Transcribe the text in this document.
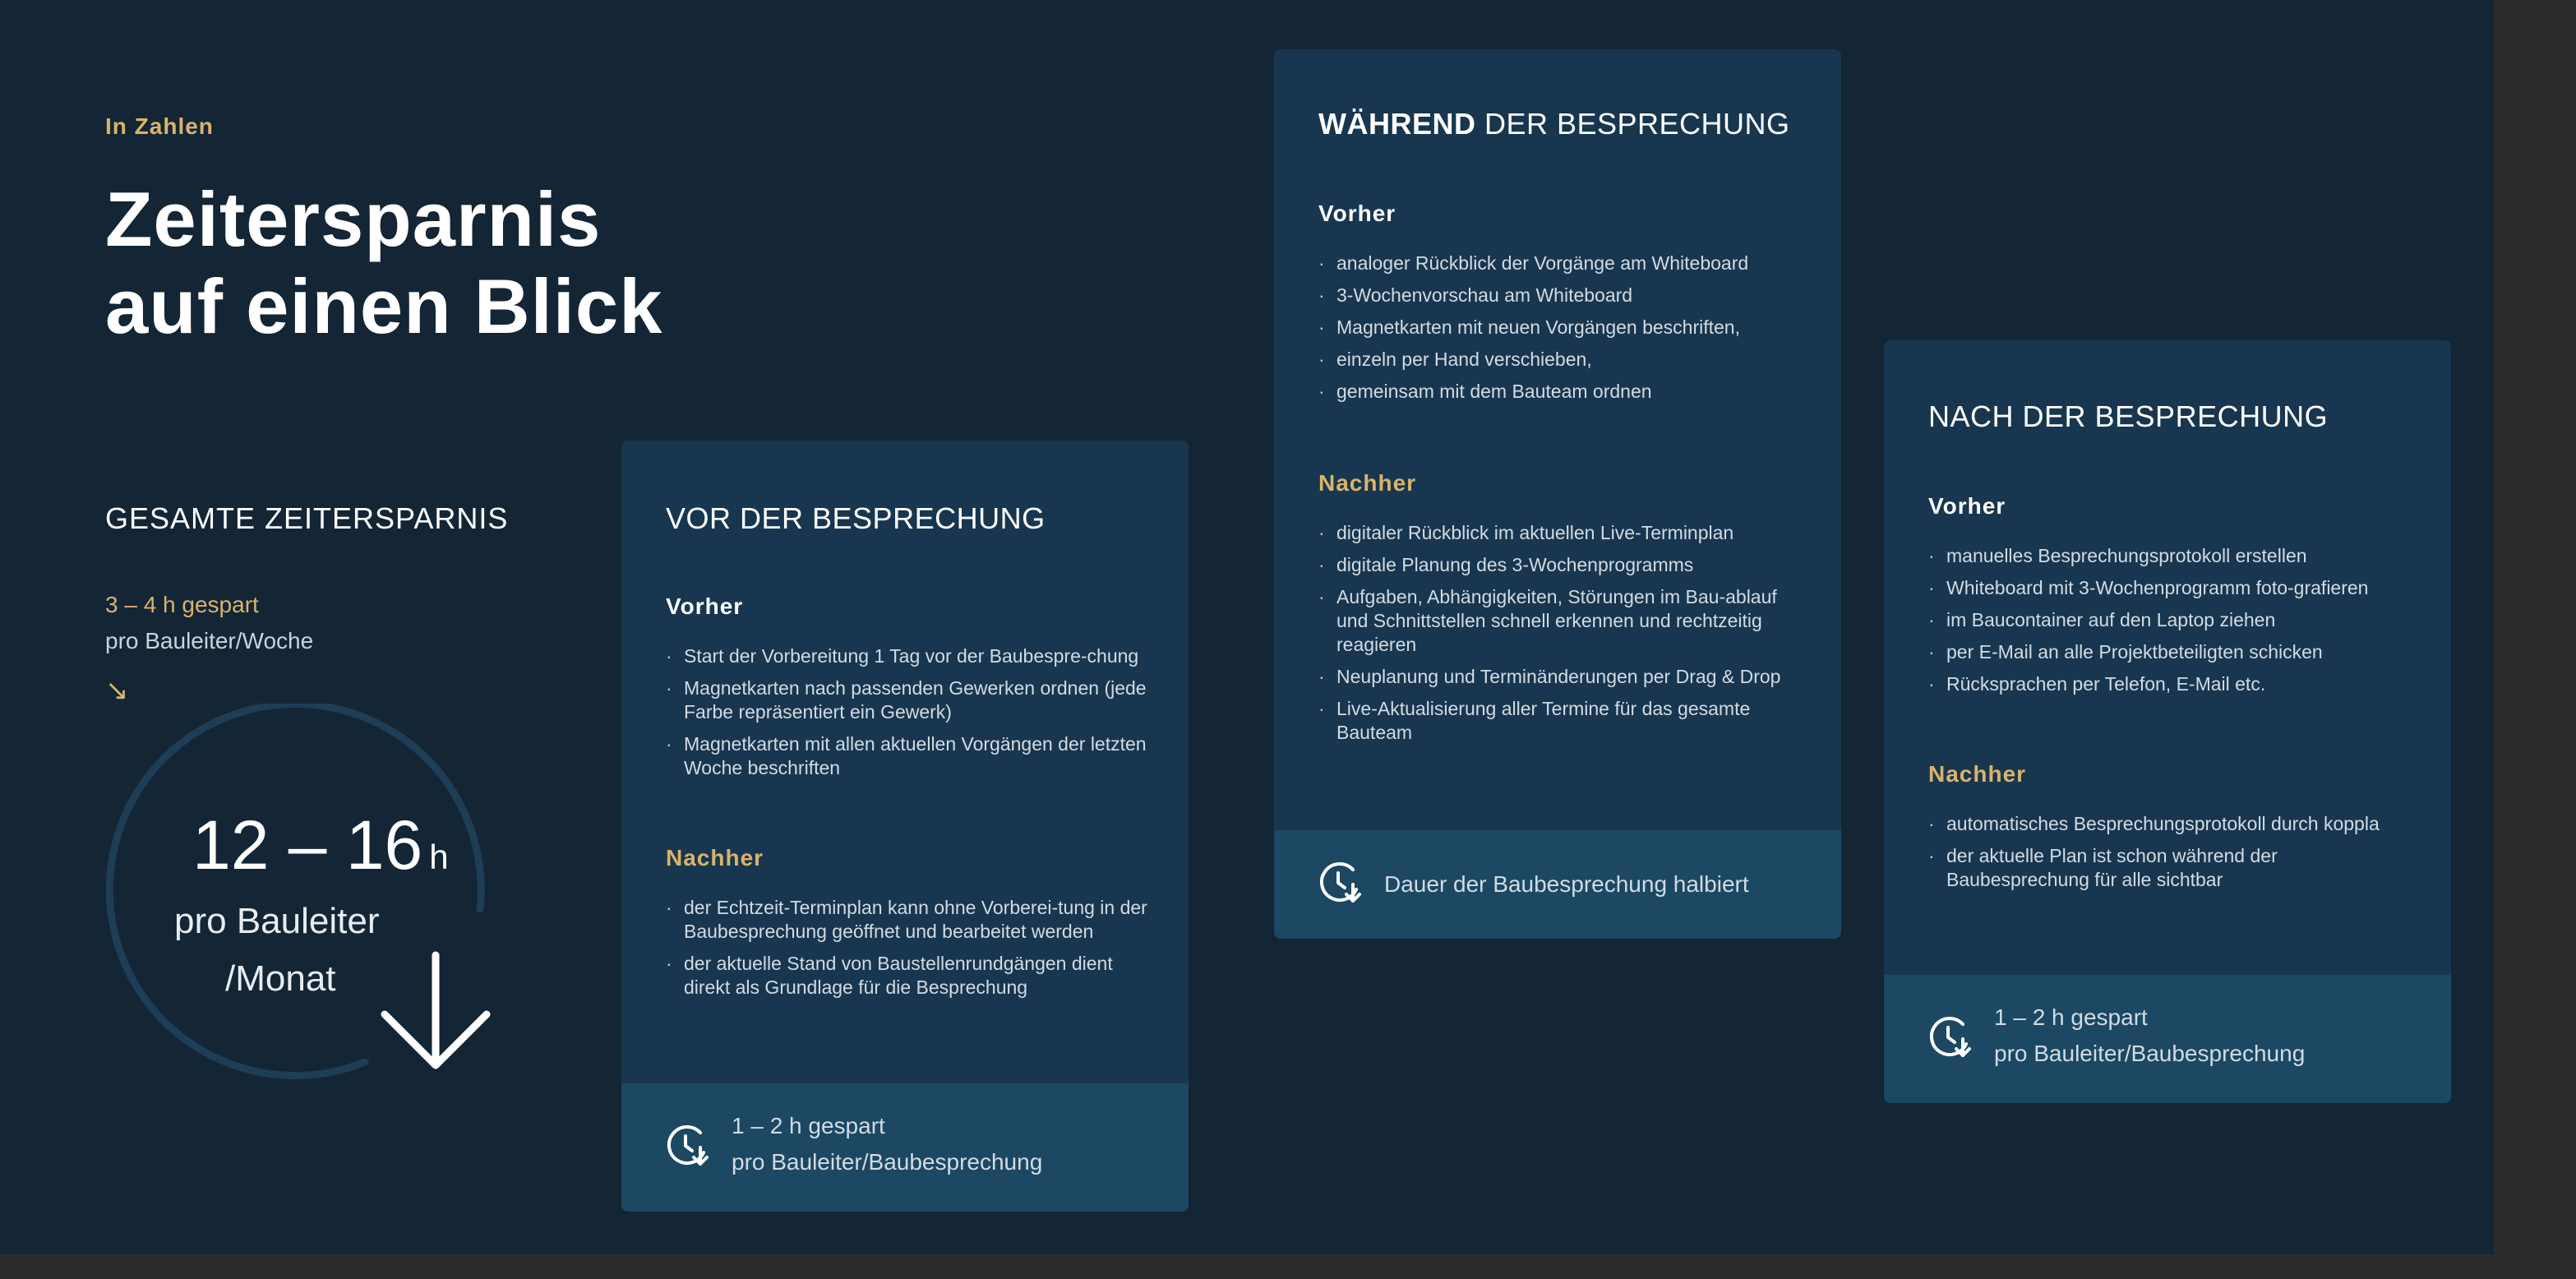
In Zahlen
Zeitersparnis
auf einen Blick
GESAMTE ZEITERSPARNIS
3 – 4 h gespart
pro Bauleiter/Woche
↘
12 – 16 h
pro Bauleiter
/Monat
VOR DER BESPRECHUNG
Vorher
· Start der Vorbereitung 1 Tag vor der Baubespre-chung
· Magnetkarten nach passenden Gewerken ordnen (jede Farbe repräsentiert ein Gewerk)
· Magnetkarten mit allen aktuellen Vorgängen der letzten Woche beschriften
Nachher
· der Echtzeit-Terminplan kann ohne Vorberei-tung in der Baubesprechung geöffnet und bearbeitet werden
· der aktuelle Stand von Baustellenrundgängen dient direkt als Grundlage für die Besprechung
1 – 2 h gespart
pro Bauleiter/Baubesprechung
WÄHREND DER BESPRECHUNG
Vorher
· analoger Rückblick der Vorgänge am Whiteboard
· 3-Wochenvorschau am Whiteboard
· Magnetkarten mit neuen Vorgängen beschriften,
· einzeln per Hand verschieben,
· gemeinsam mit dem Bauteam ordnen
Nachher
· digitaler Rückblick im aktuellen Live-Terminplan
· digitale Planung des 3-Wochenprogramms
· Aufgaben, Abhängigkeiten, Störungen im Bau-ablauf und Schnittstellen schnell erkennen und rechtzeitig reagieren
· Neuplanung und Terminänderungen per Drag & Drop
· Live-Aktualisierung aller Termine für das gesamte Bauteam
Dauer der Baubesprechung halbiert
NACH DER BESPRECHUNG
Vorher
· manuelles Besprechungsprotokoll erstellen
· Whiteboard mit 3-Wochenprogramm foto-grafieren
· im Baucontainer auf den Laptop ziehen
· per E-Mail an alle Projektbeteiligten schicken
· Rücksprachen per Telefon, E-Mail etc.
Nachher
· automatisches Besprechungsprotokoll durch koppla
· der aktuelle Plan ist schon während der Baubesprechung für alle sichtbar
1 – 2 h gespart
pro Bauleiter/Baubesprechung
